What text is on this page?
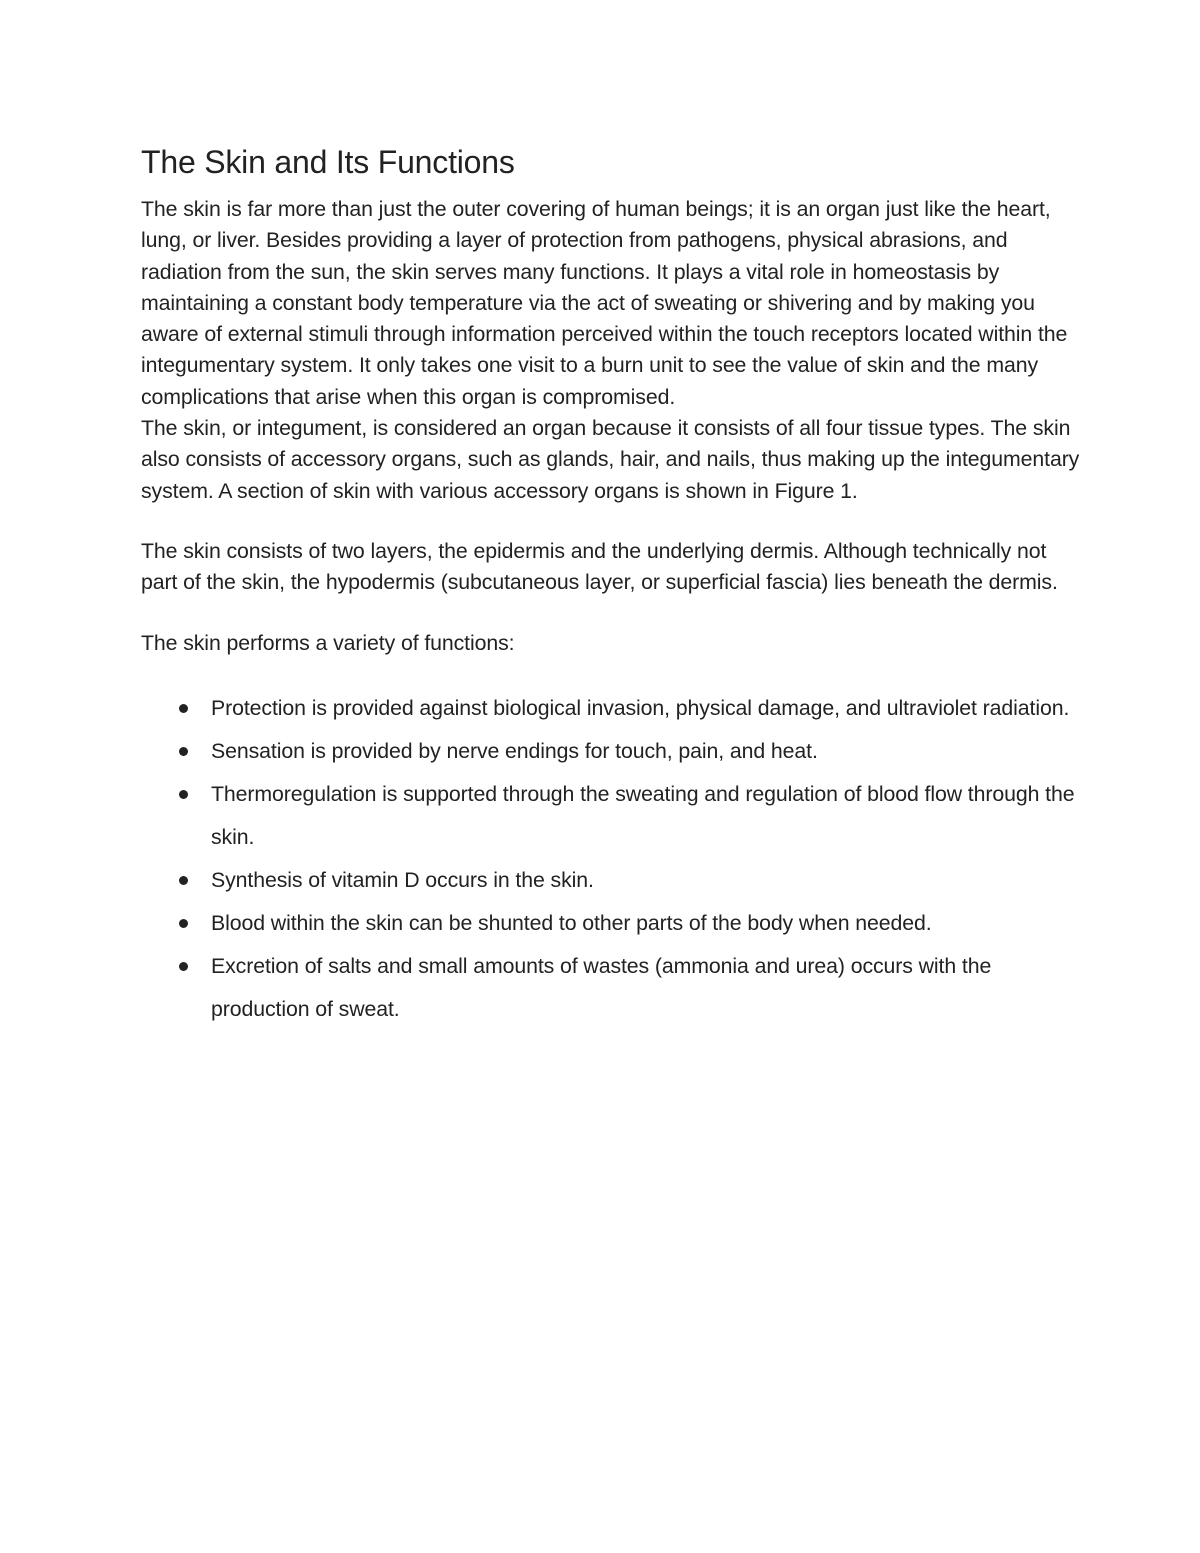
The Skin and Its Functions

The skin is far more than just the outer covering of human beings; it is an organ just like the heart, lung, or liver. Besides providing a layer of protection from pathogens, physical abrasions, and radiation from the sun, the skin serves many functions. It plays a vital role in homeostasis by maintaining a constant body temperature via the act of sweating or shivering and by making you aware of external stimuli through information perceived within the touch receptors located within the integumentary system. It only takes one visit to a burn unit to see the value of skin and the many complications that arise when this organ is compromised.

The skin, or integument, is considered an organ because it consists of all four tissue types. The skin also consists of accessory organs, such as glands, hair, and nails, thus making up the integumentary system. A section of skin with various accessory organs is shown in Figure 1.

The skin consists of two layers, the epidermis and the underlying dermis. Although technically not part of the skin, the hypodermis (subcutaneous layer, or superficial fascia) lies beneath the dermis.

The skin performs a variety of functions:

Protection is provided against biological invasion, physical damage, and ultraviolet radiation.
Sensation is provided by nerve endings for touch, pain, and heat.
Thermoregulation is supported through the sweating and regulation of blood flow through the skin.
Synthesis of vitamin D occurs in the skin.
Blood within the skin can be shunted to other parts of the body when needed.
Excretion of salts and small amounts of wastes (ammonia and urea) occurs with the production of sweat.
